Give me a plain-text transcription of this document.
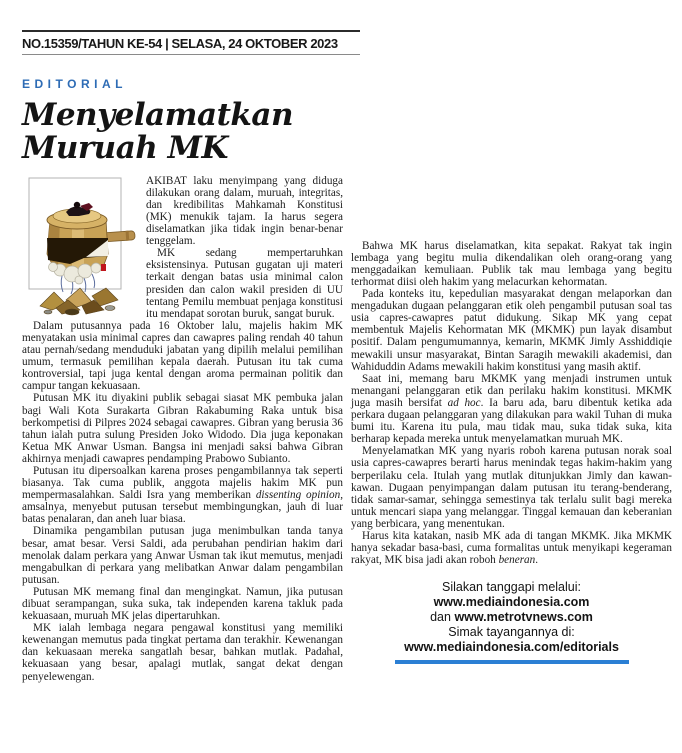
NO.15359/TAHUN KE-54 | SELASA, 24 OKTOBER 2023
EDITORIAL
Menyelamatkan
Muruah MK

AKIBAT laku menyimpang yang diduga dilakukan orang dalam, muruah, integritas, dan kredibilitas Mahkamah Konstitusi (MK) menukik tajam. Ia harus segera diselamatkan jika tidak ingin benar-benar tenggelam.

MK sedang mempertaruhkan eksistensinya. Putusan gugatan uji materi terkait dengan batas usia minimal calon presiden dan calon wakil presiden di UU tentang Pemilu membuat penjaga konstitusi itu mendapat sorotan buruk, sangat buruk.

Dalam putusannya pada 16 Oktober lalu, majelis hakim MK menyatakan usia minimal capres dan cawapres paling rendah 40 tahun atau pernah/sedang menduduki jabatan yang dipilih melalui pemilihan umum, termasuk pemilihan kepala daerah. Putusan itu tak cuma kontroversial, tapi juga kental dengan aroma permainan politik dan campur tangan kekuasaan.

Putusan MK itu diyakini publik sebagai siasat MK pembuka jalan bagi Wali Kota Surakarta Gibran Rakabuming Raka untuk bisa berkompetisi di Pilpres 2024 sebagai cawapres. Gibran yang berusia 36 tahun ialah putra sulung Presiden Joko Widodo. Dia juga keponakan Ketua MK Anwar Usman. Bangsa ini menjadi saksi bahwa Gibran akhirnya menjadi cawapres pendamping Prabowo Subianto.

Putusan itu dipersoalkan karena proses pengambilannya tak seperti biasanya. Tak cuma publik, anggota majelis hakim MK pun mempermasalahkan. Saldi Isra yang memberikan dissenting opinion, amsalnya, menyebut putusan tersebut membingungkan, jauh di luar batas penalaran, dan aneh luar biasa.

Dinamika pengambilan putusan juga menimbulkan tanda tanya besar, amat besar. Versi Saldi, ada perubahan pendirian hakim dari menolak dalam perkara yang Anwar Usman tak ikut memutus, menjadi mengabulkan di perkara yang melibatkan Anwar dalam pengambilan putusan.

Putusan MK memang final dan mengingkat. Namun, jika putusan dibuat serampangan, suka suka, tak independen karena takluk pada kekuasaan, muruah MK jelas dipertaruhkan.

MK ialah lembaga negara pengawal konstitusi yang memiliki kewenangan memutus pada tingkat pertama dan terakhir. Kewenangan dan kekuasaan mereka sangatlah besar, bahkan mutlak. Padahal, kekuasaan yang besar, apalagi mutlak, sangat dekat dengan penyelewengan.

Bahwa MK harus diselamatkan, kita sepakat. Rakyat tak ingin lembaga yang begitu mulia dikendalikan oleh orang-orang yang menggadaikan kemuliaan. Publik tak mau lembaga yang begitu terhormat diisi oleh hakim yang melacurkan kehormatan.

Pada konteks itu, kepedulian masyarakat dengan melaporkan dan mengadukan dugaan pelanggaran etik oleh pengambil putusan soal tas usia capres-cawapres patut didukung. Sikap MK yang cepat membentuk Majelis Kehormatan MK (MKMK) pun layak disambut positif. Dalam pengumumannya, kemarin, MKMK Jimly Asshiddiqie mewakili unsur masyarakat, Bintan Saragih mewakili akademisi, dan Wahiduddin Adams mewakili hakim konstitusi yang masih aktif.

Saat ini, memang baru MKMK yang menjadi instrumen untuk menangani pelanggaran etik dan perilaku hakim konstitusi. MKMK juga masih bersifat ad hoc. Ia baru ada, baru dibentuk ketika ada perkara dugaan pelanggaran yang dilakukan para wakil Tuhan di muka bumi itu. Karena itu pula, mau tidak mau, suka tidak suka, kita berharap kepada mereka untuk menyelamatkan muruah MK.

Menyelamatkan MK yang nyaris roboh karena putusan norak soal usia capres-cawapres berarti harus menindak tegas hakim-hakim yang berperilaku cela. Itulah yang mutlak ditunjukkan Jimly dan kawan-kawan. Dugaan penyimpangan dalam putusan itu terang-benderang, tidak samar-samar, sehingga semestinya tak terlalu sulit bagi mereka untuk mencari siapa yang melanggar. Tinggal kemauan dan keberanian yang berbicara, yang menentukan.

Harus kita katakan, nasib MK ada di tangan MKMK. Jika MKMK hanya sekadar basa-basi, cuma formalitas untuk menyikapi kegeraman rakyat, MK bisa jadi akan roboh beneran.

Silakan tanggapi melalui:
www.mediaindonesia.com
dan www.metrotvnews.com
Simak tayangannya di:
www.mediaindonesia.com/editorials
